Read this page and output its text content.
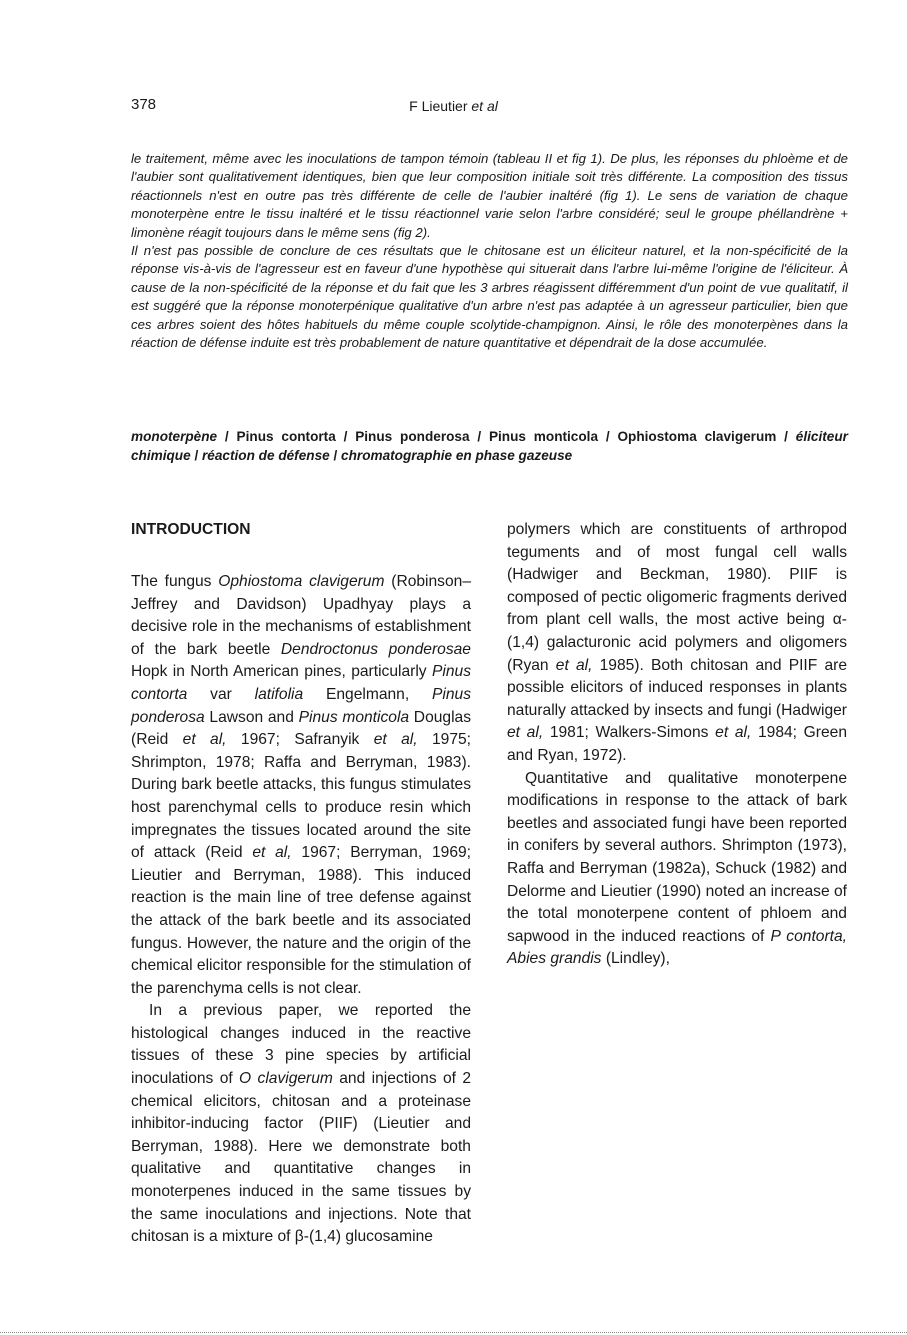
378	F Lieutier et al

le traitement, même avec les inoculations de tampon témoin (tableau II et fig 1). De plus, les réponses du phloème et de l'aubier sont qualitativement identiques, bien que leur composition initiale soit très différente. La composition des tissus réactionnels n'est en outre pas très différente de celle de l'aubier inaltéré (fig 1). Le sens de variation de chaque monoterpène entre le tissu inaltéré et le tissu réactionnel varie selon l'arbre considéré; seul le groupe phéllandrène + limonène réagit toujours dans le même sens (fig 2).

Il n'est pas possible de conclure de ces résultats que le chitosane est un éliciteur naturel, et la non-spécificité de la réponse vis-à-vis de l'agresseur est en faveur d'une hypothèse qui situerait dans l'arbre lui-même l'origine de l'éliciteur. À cause de la non-spécificité de la réponse et du fait que les 3 arbres réagissent différemment d'un point de vue qualitatif, il est suggéré que la réponse monoterpénique qualitative d'un arbre n'est pas adaptée à un agresseur particulier, bien que ces arbres soient des hôtes habituels du même couple scolytide-champignon. Ainsi, le rôle des monoterpènes dans la réaction de défense induite est très probablement de nature quantitative et dépendrait de la dose accumulée.

monoterpène / Pinus contorta / Pinus ponderosa / Pinus monticola / Ophiostoma clavigerum / éliciteur chimique / réaction de défense / chromatographie en phase gazeuse
INTRODUCTION

The fungus Ophiostoma clavigerum (Robinson–Jeffrey and Davidson) Upadhyay plays a decisive role in the mechanisms of establishment of the bark beetle Dendroctonus ponderosae Hopk in North American pines, particularly Pinus contorta var latifolia Engelmann, Pinus ponderosa Lawson and Pinus monticola Douglas (Reid et al, 1967; Safranyik et al, 1975; Shrimpton, 1978; Raffa and Berryman, 1983). During bark beetle attacks, this fungus stimulates host parenchymal cells to produce resin which impregnates the tissues located around the site of attack (Reid et al, 1967; Berryman, 1969; Lieutier and Berryman, 1988). This induced reaction is the main line of tree defense against the attack of the bark beetle and its associated fungus. However, the nature and the origin of the chemical elicitor responsible for the stimulation of the parenchyma cells is not clear.

In a previous paper, we reported the histological changes induced in the reactive tissues of these 3 pine species by artificial inoculations of O clavigerum and injections of 2 chemical elicitors, chitosan and a proteinase inhibitor-inducing factor (PIIF) (Lieutier and Berryman, 1988). Here we demonstrate both qualitative and quantitative changes in monoterpenes induced in the same tissues by the same inoculations and injections. Note that chitosan is a mixture of β-(1,4) glucosamine

polymers which are constituents of arthropod teguments and of most fungal cell walls (Hadwiger and Beckman, 1980). PIIF is composed of pectic oligomeric fragments derived from plant cell walls, the most active being α-(1,4) galacturonic acid polymers and oligomers (Ryan et al, 1985). Both chitosan and PIIF are possible elicitors of induced responses in plants naturally attacked by insects and fungi (Hadwiger et al, 1981; Walkers-Simons et al, 1984; Green and Ryan, 1972).

Quantitative and qualitative monoterpene modifications in response to the attack of bark beetles and associated fungi have been reported in conifers by several authors. Shrimpton (1973), Raffa and Berryman (1982a), Schuck (1982) and Delorme and Lieutier (1990) noted an increase of the total monoterpene content of phloem and sapwood in the induced reactions of P contorta, Abies grandis (Lindley),
